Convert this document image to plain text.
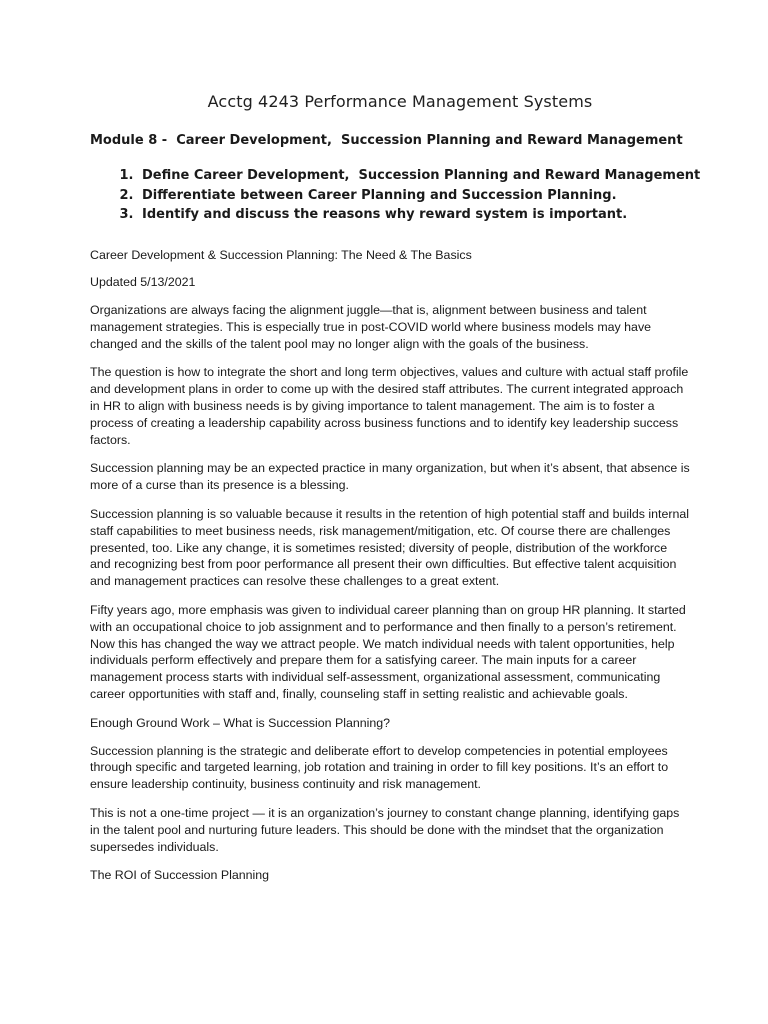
Acctg 4243 Performance Management Systems
Module 8 -  Career Development,  Succession Planning and Reward Management
1. Define Career Development,  Succession Planning and Reward Management
2. Differentiate between Career Planning and Succession Planning.
3. Identify and discuss the reasons why reward system is important.

Career Development & Succession Planning: The Need & The Basics

Updated 5/13/2021

Organizations are always facing the alignment juggle—that is, alignment between business and talent management strategies. This is especially true in post-COVID world where business models may have changed and the skills of the talent pool may no longer align with the goals of the business.

The question is how to integrate the short and long term objectives, values and culture with actual staff profile and development plans in order to come up with the desired staff attributes. The current integrated approach in HR to align with business needs is by giving importance to talent management. The aim is to foster a process of creating a leadership capability across business functions and to identify key leadership success factors.

Succession planning may be an expected practice in many organization, but when it’s absent, that absence is more of a curse than its presence is a blessing.

Succession planning is so valuable because it results in the retention of high potential staff and builds internal staff capabilities to meet business needs, risk management/mitigation, etc. Of course there are challenges presented, too. Like any change, it is sometimes resisted; diversity of people, distribution of the workforce and recognizing best from poor performance all present their own difficulties. But effective talent acquisition and management practices can resolve these challenges to a great extent.

Fifty years ago, more emphasis was given to individual career planning than on group HR planning. It started with an occupational choice to job assignment and to performance and then finally to a person’s retirement. Now this has changed the way we attract people. We match individual needs with talent opportunities, help individuals perform effectively and prepare them for a satisfying career. The main inputs for a career management process starts with individual self-assessment, organizational assessment, communicating career opportunities with staff and, finally, counseling staff in setting realistic and achievable goals.

Enough Ground Work – What is Succession Planning?

Succession planning is the strategic and deliberate effort to develop competencies in potential employees through specific and targeted learning, job rotation and training in order to fill key positions. It’s an effort to ensure leadership continuity, business continuity and risk management.

This is not a one-time project — it is an organization’s journey to constant change planning, identifying gaps in the talent pool and nurturing future leaders. This should be done with the mindset that the organization supersedes individuals.

The ROI of Succession Planning
